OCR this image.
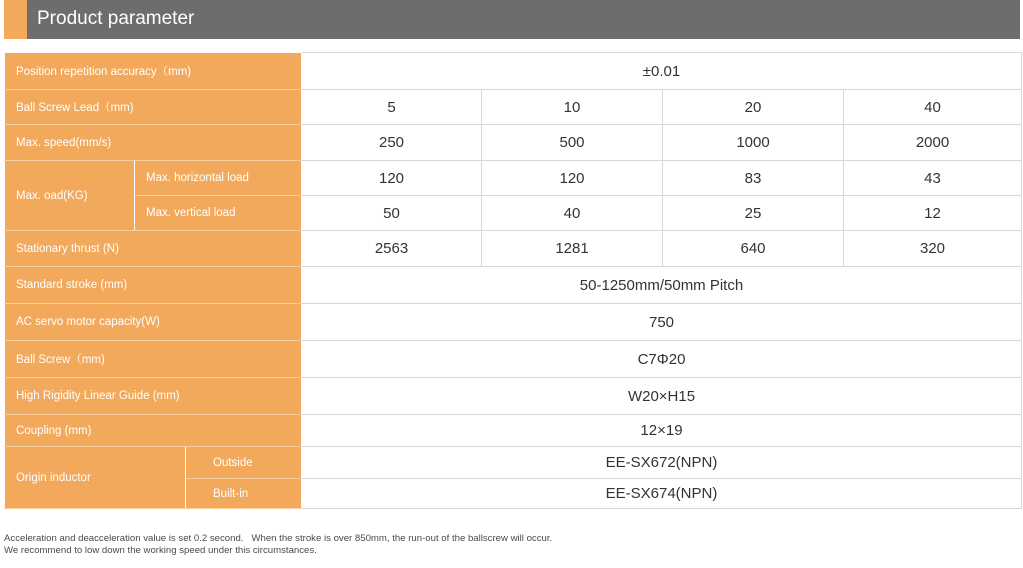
Product parameter
Position repetition accuracy（mm)			±0.01			
Ball Screw Lead（mm)			5	10	20	40
Max. speed(mm/s)			250	500	1000	2000
Max. oad(KG)	Max. horizontal load		120	120	83	43
	Max. vertical load		50	40	25	12
Stationary thrust (N)			2563	1281	640	320
Standard stroke (mm)			50-1250mm/50mm Pitch			
AC servo motor capacity(W)			750			
Ball Screw（mm)			C7Φ20			
High Rigidity Linear Guide (mm)			W20×H15			
Coupling (mm)			12×19			
Origin inductor		Outside	EE-SX672(NPN)			
		Built-in	EE-SX674(NPN)			
Acceleration and deacceleration value is set 0.2 second.   When the stroke is over 850mm, the run-out of the ballscrew will occur.
We recommend to low down the working speed under this circumstances.
